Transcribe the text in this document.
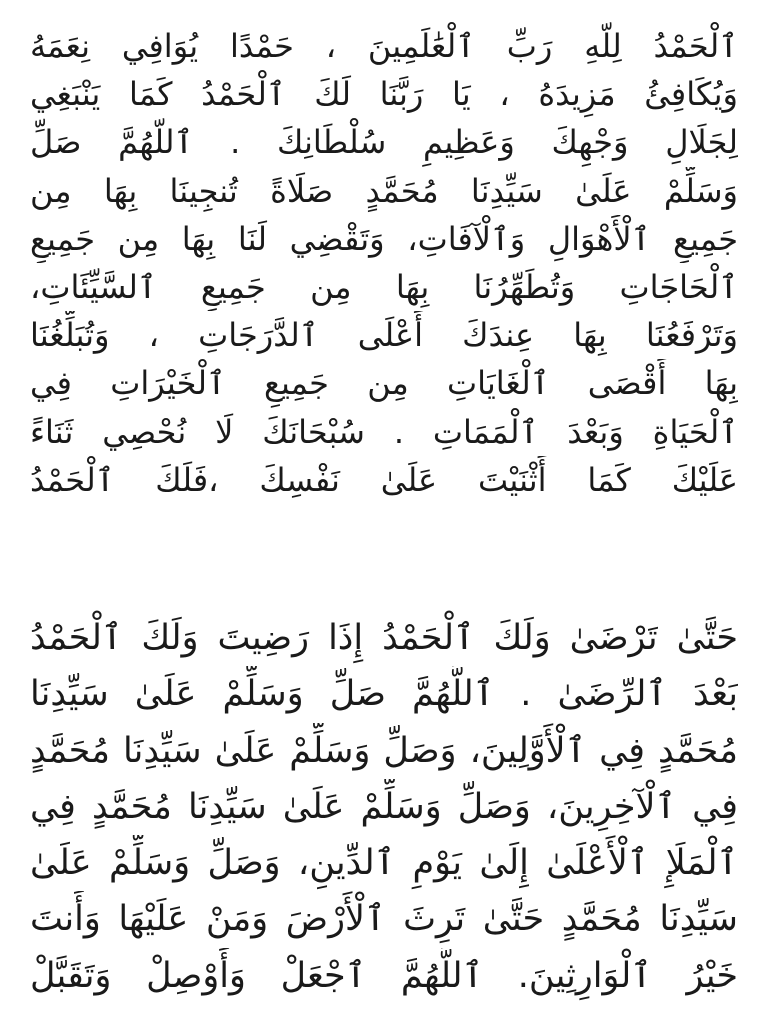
ٱلْحَمْدُ لِلَّهِ رَبِّ ٱلْعَٰلَمِينَ ، حَمْدًا يُوَافِي نِعَمَهُ
وَيُكَافِئُ مَزِيدَهُ ، يَا رَبَّنَا لَكَ ٱلْحَمْدُ كَمَا يَنْبَغِي
لِجَلَالِ وَجْهِكَ وَعَظِيمِ سُلْطَانِكَ . ٱللَّهُمَّ صَلِّ
وَسَلِّمْ عَلَىٰ سَيِّدِنَا مُحَمَّدٍ صَلَاةً تُنجِينَا بِهَا مِن
جَمِيعِ ٱلْأَهْوَالِ وَٱلْآفَاتِ، وَتَقْضِي لَنَا بِهَا مِن جَمِيعِ
ٱلْحَاجَاتِ وَتُطَهِّرُنَا بِهَا مِن جَمِيعِ ٱلسَّيِّئَاتِ،
وَتَرْفَعُنَا بِهَا عِندَكَ أَعْلَى ٱلدَّرَجَاتِ ، وَتُبَلِّغُنَا
بِهَا أَقْصَى ٱلْغَايَاتِ مِن جَمِيعِ ٱلْخَيْرَاتِ فِي
ٱلْحَيَاةِ وَبَعْدَ ٱلْمَمَاتِ . سُبْحَانَكَ لَا نُحْصِي ثَنَاءً
عَلَيْكَ كَمَا أَثْنَيْتَ عَلَىٰ نَفْسِكَ ،فَلَكَ ٱلْحَمْدُ
حَتَّىٰ تَرْضَىٰ وَلَكَ ٱلْحَمْدُ إِذَا رَضِيتَ وَلَكَ ٱلْحَمْدُ
بَعْدَ ٱلرِّضَىٰ . ٱللَّهُمَّ صَلِّ وَسَلِّمْ عَلَىٰ سَيِّدِنَا
مُحَمَّدٍ فِي ٱلْأَوَّلِينَ، وَصَلِّ وَسَلِّمْ عَلَىٰ سَيِّدِنَا مُحَمَّدٍ
فِي ٱلْآخِرِينَ، وَصَلِّ وَسَلِّمْ عَلَىٰ سَيِّدِنَا مُحَمَّدٍ فِي
ٱلْمَلَإِ ٱلْأَعْلَىٰ إِلَىٰ يَوْمِ ٱلدِّينِ، وَصَلِّ وَسَلِّمْ عَلَىٰ
سَيِّدِنَا مُحَمَّدٍ حَتَّىٰ تَرِثَ ٱلْأَرْضَ وَمَنْ عَلَيْهَا وَأَنتَ
خَيْرُ ٱلْوَارِثِينَ. ٱللَّهُمَّ ٱجْعَلْ وَأَوْصِلْ وَتَقَبَّلْ
